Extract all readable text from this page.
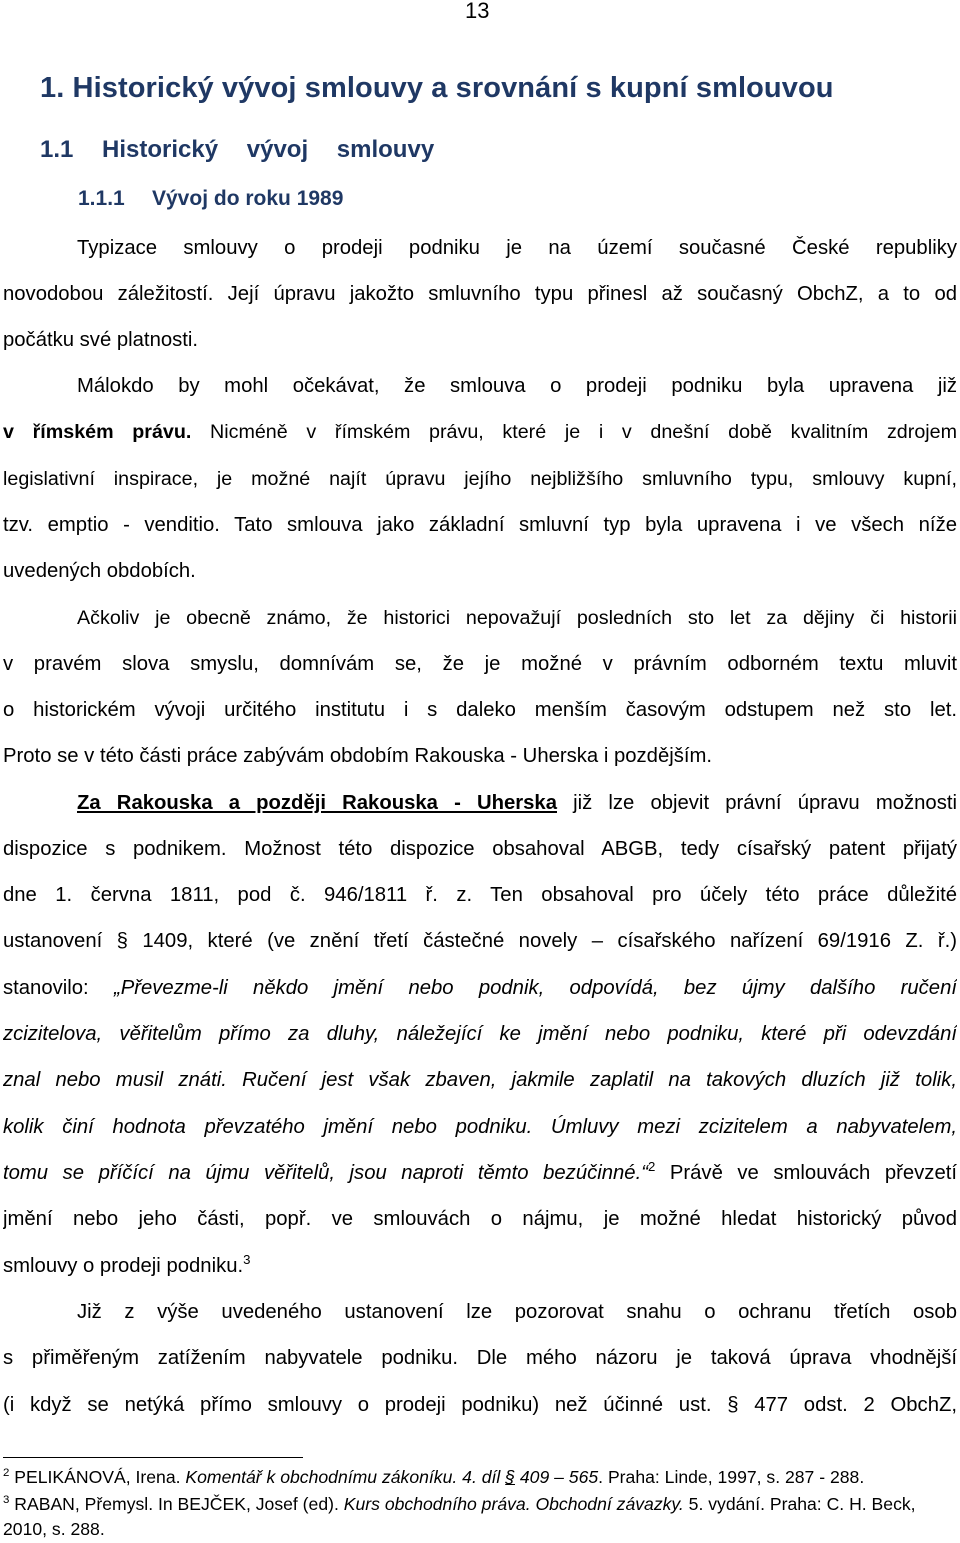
13
1. Historický vývoj smlouvy a srovnání s kupní smlouvou
1.1 Historický vývoj smlouvy
1.1.1 Vývoj do roku 1989
Typizace smlouvy o prodeji podniku je na území současné České republiky
novodobou záležitostí. Její úpravu jakožto smluvního typu přinesl až současný ObchZ, a to od
počátku své platnosti.
Málokdo by mohl očekávat, že smlouva o prodeji podniku byla upravena již
v římském právu. Nicméně v římském právu, které je i v dnešní době kvalitním zdrojem
legislativní inspirace, je možné najít úpravu jejího nejbližšího smluvního typu, smlouvy kupní,
tzv. emptio - venditio. Tato smlouva jako základní smluvní typ byla upravena i ve všech níže
uvedených obdobích.
Ačkoliv je obecně známo, že historici nepovažují posledních sto let za dějiny či historii
v pravém slova smyslu, domnívám se, že je možné v právním odborném textu mluvit
o historickém vývoji určitého institutu i s daleko menším časovým odstupem než sto let.
Proto se v této části práce zabývám obdobím Rakouska - Uherska i pozdějším.
Za Rakouska a později Rakouska - Uherska již lze objevit právní úpravu možnosti
dispozice s podnikem. Možnost této dispozice obsahoval ABGB, tedy císařský patent přijatý
dne 1. června 1811, pod č. 946/1811 ř. z. Ten obsahoval pro účely této práce důležité
ustanovení § 1409, které (ve znění třetí částečné novely – císařského nařízení 69/1916 Z. ř.)
stanovilo: „Převezme-li někdo jmění nebo podnik, odpovídá, bez újmy dalšího ručení
zcizitelova, věřitelům přímo za dluhy, náležející ke jmění nebo podniku, které při odevzdání
znal nebo musil znáti. Ručení jest však zbaven, jakmile zaplatil na takových dluzích již tolik,
kolik činí hodnota převzatého jmění nebo podniku. Úmluvy mezi zcizitelem a nabyvatelem,
tomu se příčící na újmu věřitelů, jsou naproti těmto bezúčinné.“$^2$ Právě ve smlouvách převzetí
jmění nebo jeho části, popř. ve smlouvách o nájmu, je možné hledat historický původ
smlouvy o prodeji podniku.$^3$
Již z výše uvedeného ustanovení lze pozorovat snahu o ochranu třetích osob
s přiměřeným zatížením nabyvatele podniku. Dle mého názoru je taková úprava vhodnější
(i když se netýká přímo smlouvy o prodeji podniku) než účinné ust. § 477 odst. 2 ObchZ,
$^2$ PELIKÁNOVÁ, Irena. Komentář k obchodnímu zákoníku. 4. díl § 409 – 565. Praha: Linde, 1997, s. 287 - 288.
$^3$ RABAN, Přemysl. In BEJČEK, Josef (ed). Kurs obchodního práva. Obchodní závazky. 5. vydání. Praha: C. H. Beck,
2010, s. 288.
